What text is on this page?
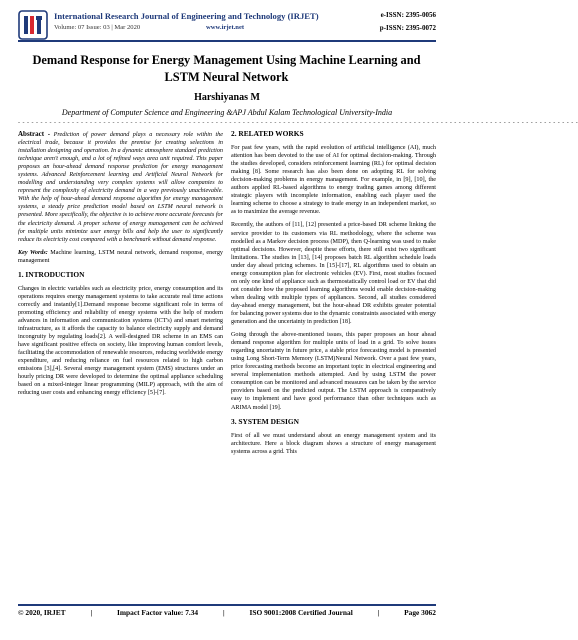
International Research Journal of Engineering and Technology (IRJET)
Volume: 07 Issue: 03 | Mar 2020	www.irjet.net
e-ISSN: 2395-0056
p-ISSN: 2395-0072
Demand Response for Energy Management Using Machine Learning and LSTM Neural Network
Harshiyanas M
Department of Computer Science and Engineering &APJ Abdul Kalam Technological University-India
- - - - - - - - - - - - - - - - - - - - - - - - - - - - - - - - - - - - - - - - - - - - - - - - - - - - - - - - - - - - - - - - - - - - - - - - - - - - - - - - - - - - - - - - - - - - - - - - - - - - - - - - - - - - - - - - - - - - - - - - - - - - -

Abstract - Prediction of power demand plays a necessary role within the electrical trade, because it provides the premise for creating selections in installation designing and operation. In a dynamic atmosphere standard prediction technique aren't enough, and a lot of refined ways area unit required. This paper proposes an hour-ahead demand response prediction for energy management systems. Advanced Reinforcement learning and Artificial Neural Network for modelling and understanding very complex systems will allow companies to represent the complexity of electricity demand in a way previously unachievable. With the help of hour-ahead demand response algorithm for energy management systems, a steady price prediction model based on LSTM neural network is presented. More specifically, the objective is to achieve more accurate forecasts for the electricity demand. A proper scheme of energy management can be achieved for multiple units minimize user energy bills and help the user to significantly reduce its electricity cost compared with a benchmark without demand response.

Key Words: Machine learning, LSTM neural network, demand response, energy management

1. INTRODUCTION

Changes in electric variables such as electricity price, energy consumption and its operations requires energy management systems to take accurate real time actions correctly and instantly[1].Demand response become significant role in terms of promoting efficiency and reliability of energy systems with the help of modern advances in information and communication systems (ICT's) and smart metering infrastructure, as it affords the capacity to balance electricity supply and demand incongruity by regulating loads[2]. A well-designed DR scheme in an EMS can have significant positive effects on society, like improving human comfort levels, facilitating the accommodation of renewable resources, reducing worldwide energy expenditure, and reducing reliance on fuel resources related to high carbon emissions [3],[4]. Several energy management system (EMS) structures under an hourly pricing DR were developed to determine the optimal appliance scheduling based on a mixed-integer linear programming (MILP) approach, with the aim of reducing user costs and enhancing energy efficiency [5]-[7].

2. RELATED WORKS

For past few years, with the rapid evolution of artificial intelligence (AI), much attention has been devoted to the use of AI for optimal decision-making. Through the studies developed, considers reinforcement learning (RL) for optimal decision making [8]. Some research has also been done on adopting RL for solving decision-making problems in energy management. For example, in [9], [10], the authors applied RL-based algorithms to energy trading games among different strategic players with incomplete information, enabling each player used the learning scheme to choose a strategy to trade energy in an independent market, so as to maximize the average revenue.

Recently, the authors of [11], [12] presented a price-based DR scheme linking the service provider to its customers via RL methodology, where the scheme was modelled as a Markov decision process (MDP), then Q-learning was used to make optimal decisions. However, despite these efforts, there still exist two significant limitations. The studies in [13], [14] proposes batch RL algorithm schedule loads under day ahead pricing schemes. In [15]-[17], RL algorithms used to obtain an energy consumption plan for electronic vehicles (EV). First, most studies focused on only one kind of appliance such as thermostatically control load or EV that did not consider how the proposed learning algorithms would enable decision-making when dealing with multiple types of appliances. Second, all studies considered day-ahead energy management, but the hour-ahead DR exhibits greater potential for balancing power systems due to the dynamic constraints associated with energy generation and the uncertainty in prediction [18].

Going through the above-mentioned issues, this paper proposes an hour ahead demand response algorithm for multiple units of load in a grid. To solve issues regarding uncertainty in future price, a stable price forecasting model is presented using Long Short-Term Memory (LSTM)Neural Network. Over a past few years, price forecasting methods become an important topic in electrical engineering and several implementation methods attempted. And by using LSTM the power consumption can be monitored and advanced measures can be taken by the service providers based on the predicted output. The LSTM approach is comparatively easy to implement and have good performance than other techniques such as ARIMA model [19].

3. SYSTEM DESIGN

First of all we must understand about an energy management system and its architecture. Here a block diagram shows a structure of energy management systems across a grid. This

© 2020, IRJET	|	Impact Factor value: 7.34	|	ISO 9001:2008 Certified Journal	|	Page 3062
